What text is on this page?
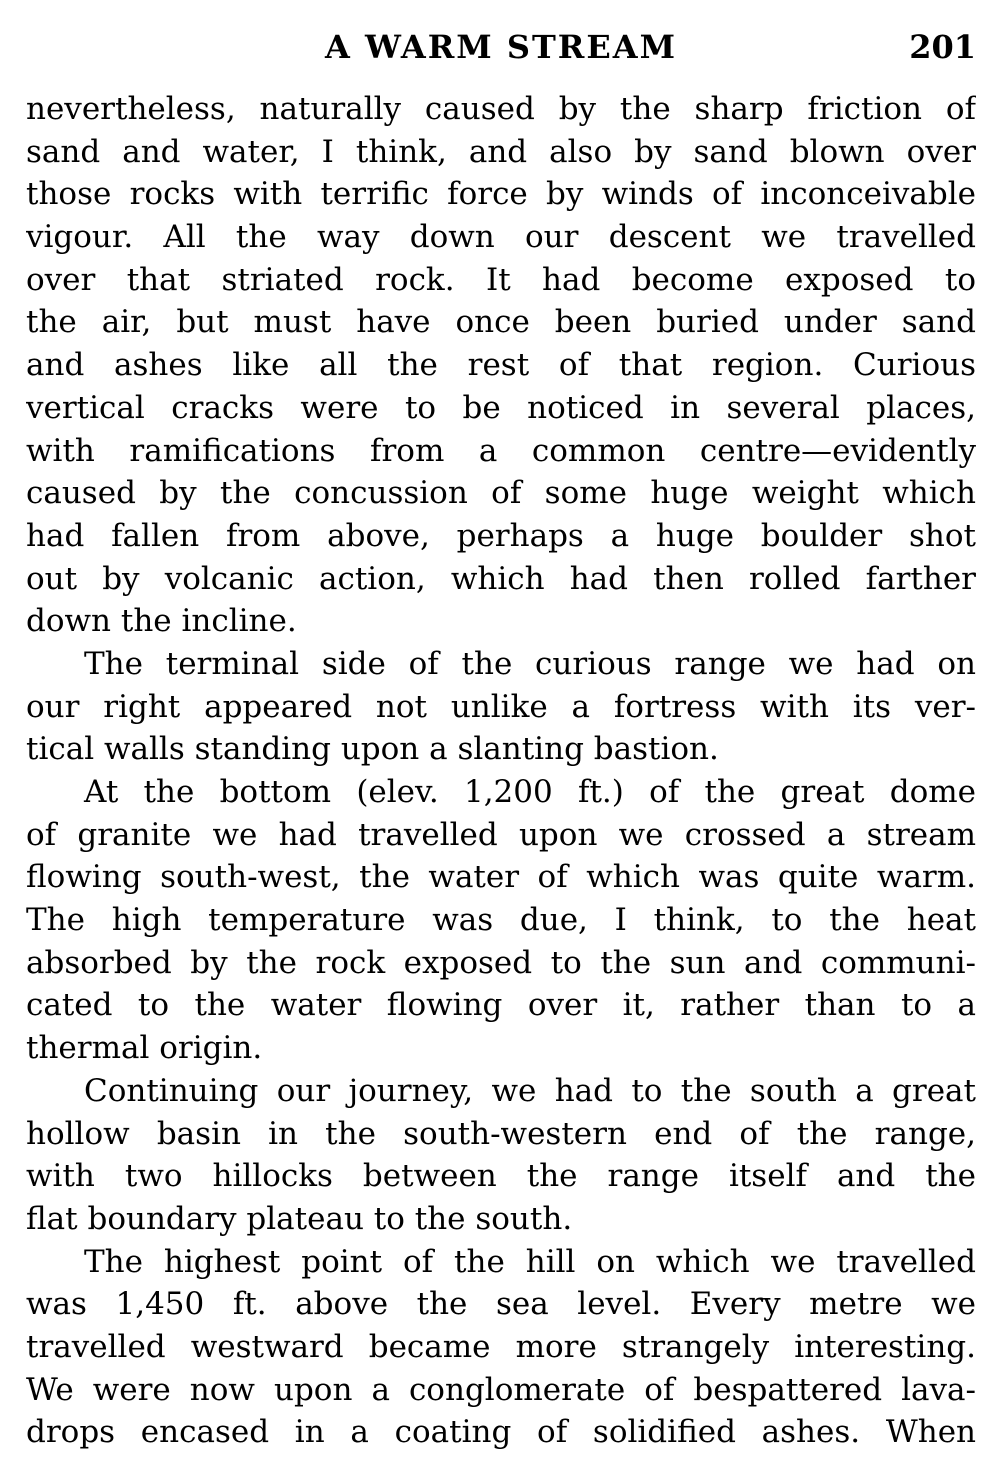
A WARM STREAM	201
nevertheless, naturally caused by the sharp friction of
sand and water, I think, and also by sand blown over
those rocks with terrific force by winds of inconceivable
vigour. All the way down our descent we travelled
over that striated rock. It had become exposed to
the air, but must have once been buried under sand
and ashes like all the rest of that region. Curious
vertical cracks were to be noticed in several places,
with ramifications from a common centre—evidently
caused by the concussion of some huge weight which
had fallen from above, perhaps a huge boulder shot
out by volcanic action, which had then rolled farther
down the incline.
The terminal side of the curious range we had on
our right appeared not unlike a fortress with its ver-
tical walls standing upon a slanting bastion.
At the bottom (elev. 1,200 ft.) of the great dome
of granite we had travelled upon we crossed a stream
flowing south-west, the water of which was quite warm.
The high temperature was due, I think, to the heat
absorbed by the rock exposed to the sun and communi-
cated to the water flowing over it, rather than to a
thermal origin.
Continuing our journey, we had to the south a great
hollow basin in the south-western end of the range,
with two hillocks between the range itself and the
flat boundary plateau to the south.
The highest point of the hill on which we travelled
was 1,450 ft. above the sea level. Every metre we
travelled westward became more strangely interesting.
We were now upon a conglomerate of bespattered lava-
drops encased in a coating of solidified ashes. When
